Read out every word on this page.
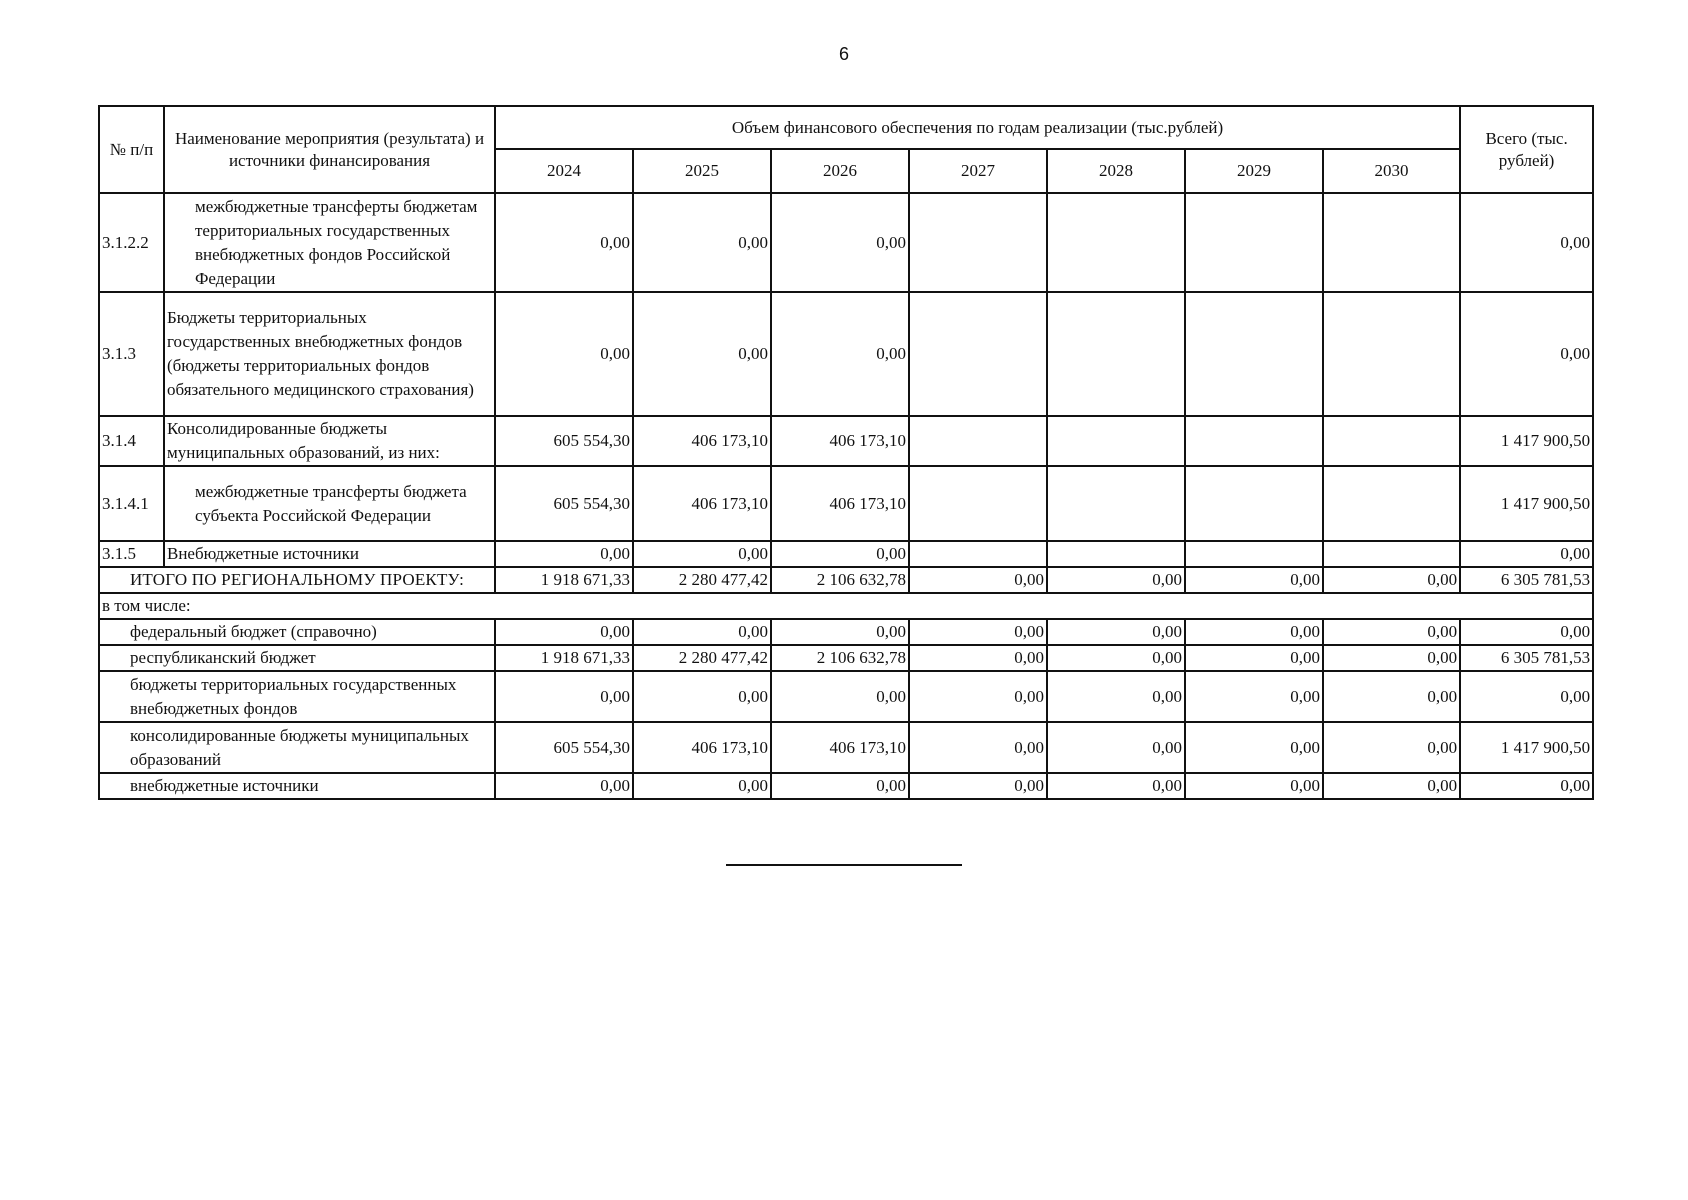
6
№ п/п	Наименование мероприятия (результата) и источники финансирования	Объем финансового обеспечения по годам реализации (тыс.рублей)							Всего (тыс. рублей)
		2024	2025	2026	2027	2028	2029	2030	
3.1.2.2	межбюджетные трансферты бюджетам территориальных государственных внебюджетных фондов Российской Федерации	0,00	0,00	0,00					0,00
3.1.3	Бюджеты территориальных государственных внебюджетных фондов (бюджеты территориальных фондов обязательного медицинского страхования)	0,00	0,00	0,00					0,00
3.1.4	Консолидированные бюджеты муниципальных образований, из них:	605 554,30	406 173,10	406 173,10					1 417 900,50
3.1.4.1	межбюджетные трансферты бюджета субъекта Российской Федерации	605 554,30	406 173,10	406 173,10					1 417 900,50
3.1.5	Внебюджетные источники	0,00	0,00	0,00					0,00
ИТОГО ПО РЕГИОНАЛЬНОМУ ПРОЕКТУ:		1 918 671,33	2 280 477,42	2 106 632,78	0,00	0,00	0,00	0,00	6 305 781,53
в том числе:									
федеральный бюджет (справочно)		0,00	0,00	0,00	0,00	0,00	0,00	0,00	0,00
республиканский бюджет		1 918 671,33	2 280 477,42	2 106 632,78	0,00	0,00	0,00	0,00	6 305 781,53
бюджеты территориальных государственных внебюджетных фондов		0,00	0,00	0,00	0,00	0,00	0,00	0,00	0,00
консолидированные бюджеты муниципальных образований		605 554,30	406 173,10	406 173,10	0,00	0,00	0,00	0,00	1 417 900,50
внебюджетные источники		0,00	0,00	0,00	0,00	0,00	0,00	0,00	0,00
